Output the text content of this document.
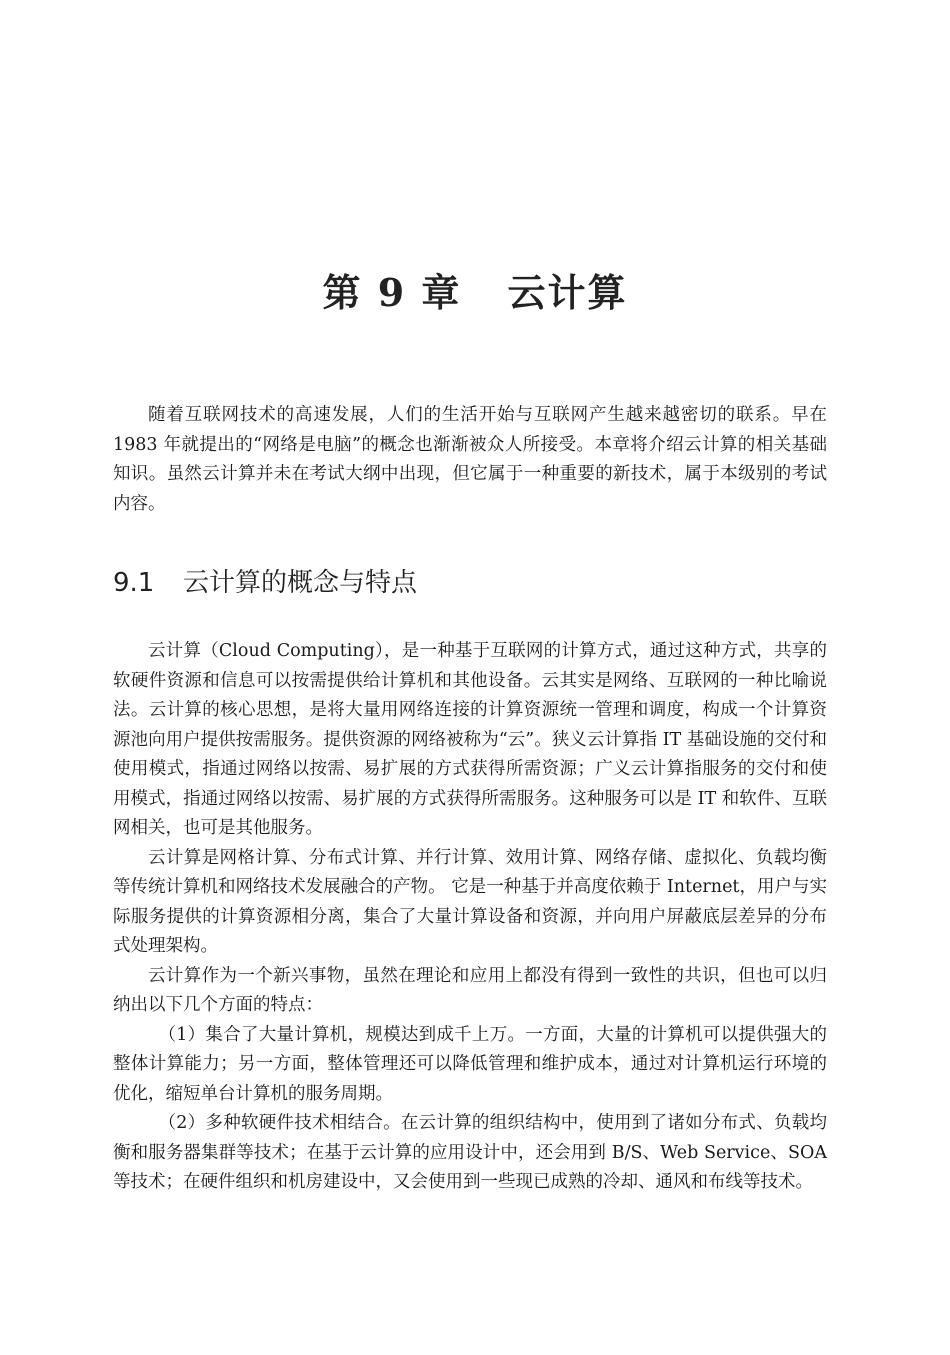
第 9 章 云计算

随着互联网技术的高速发展，人们的生活开始与互联网产生越来越密切的联系。早在 1983 年就提出的“网络是电脑”的概念也渐渐被众人所接受。本章将介绍云计算的相关基础知识。虽然云计算并未在考试大纲中出现，但它属于一种重要的新技术，属于本级别的考试内容。

9.1 云计算的概念与特点

云计算（Cloud Computing），是一种基于互联网的计算方式，通过这种方式，共享的软硬件资源和信息可以按需提供给计算机和其他设备。云其实是网络、互联网的一种比喻说法。云计算的核心思想，是将大量用网络连接的计算资源统一管理和调度，构成一个计算资源池向用户提供按需服务。提供资源的网络被称为“云”。狭义云计算指 IT 基础设施的交付和使用模式，指通过网络以按需、易扩展的方式获得所需资源；广义云计算指服务的交付和使用模式，指通过网络以按需、易扩展的方式获得所需服务。这种服务可以是 IT 和软件、互联网相关，也可是其他服务。

云计算是网格计算、分布式计算、并行计算、效用计算、网络存储、虚拟化、负载均衡等传统计算机和网络技术发展融合的产物。 它是一种基于并高度依赖于 Internet，用户与实际服务提供的计算资源相分离，集合了大量计算设备和资源，并向用户屏蔽底层差异的分布式处理架构。

云计算作为一个新兴事物，虽然在理论和应用上都没有得到一致性的共识，但也可以归纳出以下几个方面的特点：

（1）集合了大量计算机，规模达到成千上万。一方面，大量的计算机可以提供强大的整体计算能力；另一方面，整体管理还可以降低管理和维护成本，通过对计算机运行环境的优化，缩短单台计算机的服务周期。

（2）多种软硬件技术相结合。在云计算的组织结构中，使用到了诸如分布式、负载均衡和服务器集群等技术；在基于云计算的应用设计中，还会用到 B/S、Web Service、SOA 等技术；在硬件组织和机房建设中，又会使用到一些现已成熟的冷却、通风和布线等技术。
